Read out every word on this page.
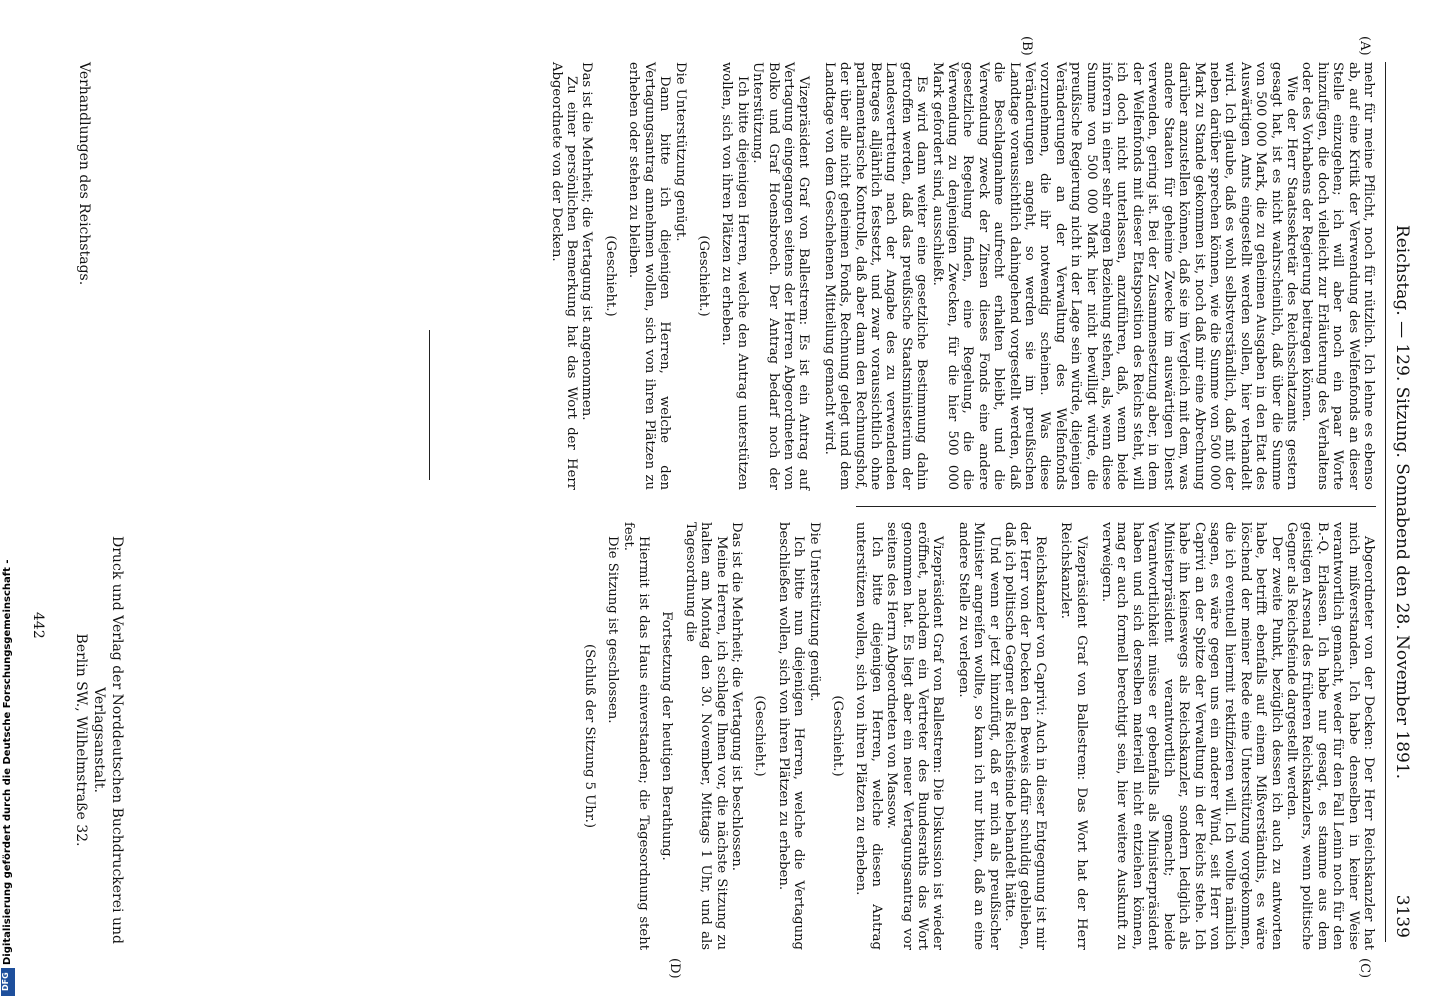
Digitalisierung gefördert durch die Deutsche Forschungsgemeinschaft -
DFG
Reichstag. — 129. Sitzung. Sonnabend den 28. November 1891.
3139
(A)
(B)
(C)
(D)

mehr für meine Pflicht, noch für nützlich. Ich lehne es ebenso ab, auf eine Kritik der Verwendung des Welfenfonds an dieser Stelle einzugehen; ich will aber noch ein paar Worte hinzufügen, die doch vielleicht zur Erläuterung des Verhaltens oder des Vorhabens der Regierung beitragen können.

Wie der Herr Staatssekretär des Reichsschatzamts gestern gesagt hat, ist es nicht wahrscheinlich, daß über die Summe von 500 000 Mark, die zu geheimen Ausgaben in den Etat des Auswärtigen Amts eingestellt werden sollen, hier verhandelt wird. Ich glaube, daß es wohl selbstverständlich, daß mit der neben darüber sprechen können, wie die Summe von 500 000 Mark zu Stande gekommen ist, noch daß mir eine Abrechnung darüber anzustellen können, daß sie im Vergleich mit dem, was andere Staaten für geheime Zwecke im auswärtigen Dienst verwenden, gering ist. Bei der Zusammensetzung aber, in dem der Welfenfonds mit dieser Etatsposition des Reichs steht, will ich doch nicht unterlassen, anzuführen, daß, wenn beide inforern in einer sehr engen Beziehung stehen, als, wenn diese Summe von 500 000 Mark hier nicht bewilligt würde, die preußische Regierung nicht in der Lage sein würde, diejenigen Veränderungen an der Verwaltung des Welfenfonds vorzunehmen, die ihr notwendig scheinen. Was diese Veränderungen angeht, so werden sie im preußischen Landtage voraussichtlich dahingehend vorgestellt werden, daß die Beschlagnahme aufrecht erhalten bleibt, und die Verwendung zweck der Zinsen dieses Fonds eine andere gesetzliche Regelung finden, eine Regelung, die die Verwendung zu denjenigen Zwecken, für die hier 500 000 Mark gefordert sind, ausschließt.

Es wird dann weiter eine gesetzliche Bestimmung dahin getroffen werden, daß das preußische Staatsministerium der Landesvertretung nach der Angabe des zu verwendenden Betrages alljährlich festsetzt, und zwar voraussichtlich ohne parlamentarische Kontrolle, daß aber dann den Rechnungshof, der über alle nicht geheimen Fonds, Rechnung gelegt und dem Landtage von dem Geschehenen Mitteilung gemacht wird.

Vizepräsident Graf von Ballestrem: Es ist ein Antrag auf Vertagung eingegangen seitens der Herren Abgeordneten von Bolko und Graf Hoensbroech. Der Antrag bedarf noch der Unterstützung.

Ich bitte diejenigen Herren, welche den Antrag unterstützen wollen, sich von ihren Plätzen zu erheben.

(Geschieht.)

Die Unterstützung genügt.

Dann bitte ich diejenigen Herren, welche den Vertagungsantrag annehmen wollen, sich von ihren Plätzen zu erheben oder stehen zu bleiben.

(Geschieht.)

Das ist die Mehrheit; die Vertagung ist angenommen.

Zu einer persönlichen Bemerkung hat das Wort der Herr Abgeordnete von der Decken.

Abgeordneter von der Decken: Der Herr Reichskanzler hat mich mißverstanden. Ich habe denselben in keiner Weise verantwortlich gemacht, weder für den Fall Lenin noch für den B.-Q. Erlassen. Ich habe nur gesagt, es stamme aus dem geistigen Arsenal des früheren Reichskanzlers, wenn politische Gegner als Reichsfeinde dargestellt werden.

Der zweite Punkt, bezüglich dessen ich auch zu antworten habe, betrifft ebenfalls auf einem Mißverständnis, es wäre löschend der meiner Rede eine Unterstützung vorgekommen, die ich eventuell hiermit rektifizieren will. Ich wollte nämlich sagen, es wäre gegen uns ein anderer Wind, seit Herr von Caprivi an der Spitze der Verwaltung in der Reichs stehe. Ich habe ihn keineswegs als Reichskanzler, sondern lediglich als Ministerpräsident verantwortlich gemacht; beide Verantwortlichkeit müsse er gebenfalls als Ministerpräsident haben und sich derselben materiell nicht entziehen können, mag er auch formell berechtigt sein, hier weitere Auskunft zu verweigern.

Vizepräsident Graf von Ballestrem: Das Wort hat der Herr Reichskanzler.

Reichskanzler von Caprivi: Auch in dieser Entgegnung ist mir der Herr von der Decken den Beweis dafür schuldig geblieben, daß ich politische Gegner als Reichsfeinde behandelt hätte.

Und wenn er jetzt hinzufügt, daß er mich als preußischer Minister angreifen wollte, so kann ich nur bitten, daß an eine andere Stelle zu verlegen.

Vizepräsident Graf von Ballestrem: Die Diskussion ist wieder eröffnet, nachdem ein Vertreter des Bundesraths das Wort genommen hat. Es liegt aber ein neuer Vertagungsantrag vor seitens des Herrn Abgeordneten von Massow.

Ich bitte diejenigen Herren, welche diesen Antrag unterstützen wollen, sich von ihren Plätzen zu erheben.

(Geschieht.)

Die Unterstützung genügt.

Ich bitte nun diejenigen Herren, welche die Vertagung beschließen wollen, sich von ihren Plätzen zu erheben.

(Geschieht.)

Das ist die Mehrheit; die Vertagung ist beschlossen.

Meine Herren, ich schlage Ihnen vor, die nächste Sitzung zu halten am Montag den 30. November, Mittags 1 Uhr, und als Tagesordnung die

Fortsetzung der heutigen Berathung.

Hiermit ist das Haus einverstanden; die Tagesordnung steht fest.

Die Sitzung ist geschlossen.

(Schluß der Sitzung 5 Uhr.)

Verhandlungen des Reichstags.
Druck und Verlag der Norddeutschen Buchdruckerei und Verlagsanstalt.
Berlin SW., Wilhelmstraße 32.
442
